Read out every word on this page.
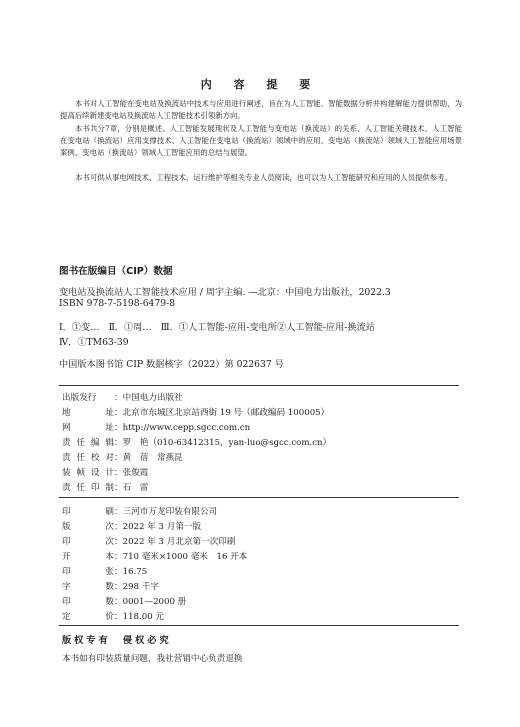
内 容 提 要

本书对人工智能在变电站及换流站中技术与应用进行阐述，旨在为人工智能、智能数据分析并构建解能力提供帮助，为提高后续新建变电站及换流站人工智能技术引领新方向。

本书共分7章，分别是概述、人工智能发展现状及人工智能与变电站（换流站）的关系、人工智能关键技术、人工智能在变电站（换流站）应用支撑技术、人工智能在变电站（换流站）领域中的应用、变电站（换流站）领域人工智能应用场景案例、变电站（换流站）领域人工智能应用的总结与展望。

本书可供从事电网技术、工程技术、运行维护等相关专业人员阅读，也可以为人工智能研究和应用的人员提供参考。

图书在版编目（CIP）数据
变电站及换流站人工智能技术应用 / 周宇主编. —北京：中国电力出版社，2022.3
ISBN 978-7-5198-6479-8
Ⅰ．①变…　Ⅱ．①周…　Ⅲ．①人工智能-应用-变电所②人工智能-应用-换流站
Ⅳ．①TM63-39
中国版本图书馆 CIP 数据核字（2022）第 022637 号
出版发行 ：中国电力出版社
地址：北京市东城区北京站西街 19 号（邮政编码 100005）
网址：http://www.cepp.sgcc.com.cn
责任编辑：罗　艳（010-63412315，yan-luo@sgcc.com.cn）
责任校对：黄　蓓　常燕昆
装帧设计：张俊霞
责任印制：石　雷
印刷：三河市万龙印装有限公司
版次：2022 年 3 月第一版
印次：2022 年 3 月北京第一次印刷
开本：710 毫米×1000 毫米　16 开本
印张：16.75
字数：298 千字
印数：0001—2000 册
定价：118.00 元
版权专有　侵权必究
本书如有印装质量问题，我社营销中心负责退换
